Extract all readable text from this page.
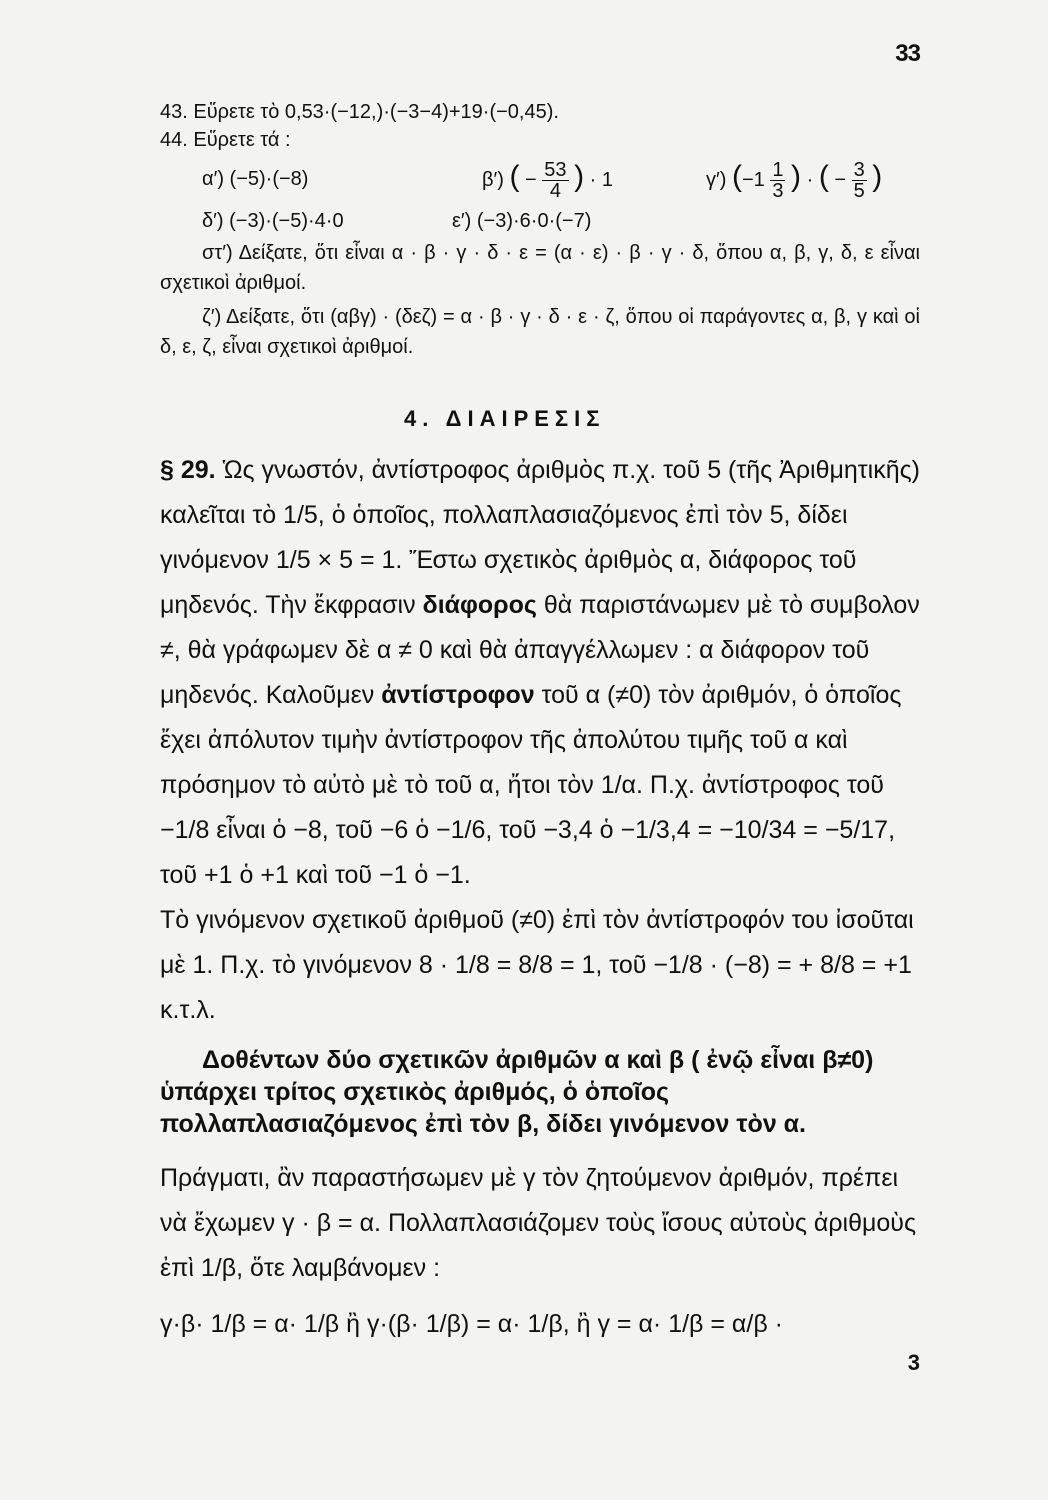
33
43. Εὕρετε τὸ 0,53·(−12,)·(−3−4)+19·(−0,45).
44. Εὕρετε τά :
α′) (−5)·(−8)	β′) ( − $\frac{53}{4}$ ) · 1	γ′) ($-1 \frac{1}{3}$ ) · ( − $\frac{3}{5}$ )
δ′) (−3)·(−5)·4·0	ε′) (−3)·6·0·(−7)

στ′) Δείξατε, ὅτι εἶναι α · β · γ · δ · ε = (α · ε) · β · γ · δ, ὅπου α, β, γ, δ, ε εἶναι σχετικοὶ ἀριθμοί.

ζ′) Δείξατε, ὅτι (αβγ) · (δεζ) = α · β · γ · δ · ε · ζ, ὅπου οἱ παράγοντες α, β, γ καὶ οἱ δ, ε, ζ, εἶναι σχετικοὶ ἀριθμοί.

4. ΔΙΑΙΡΕΣΙΣ

§ 29. Ὡς γνωστόν, ἀντίστροφος ἀριθμὸς π.χ. τοῦ 5 (τῆς Ἀριθμητικῆς) καλεῖται τὸ 1/5, ὁ ὁποῖος, πολλαπλασιαζόμενος ἐπὶ τὸν 5, δίδει γινόμενον 1/5 × 5 = 1. Ἔστω σχετικὸς ἀριθμὸς α, διάφορος τοῦ μηδενός. Τὴν ἔκφρασιν διάφορος θὰ παριστάνωμεν μὲ τὸ συμβολον ≠, θὰ γράφωμεν δὲ α ≠ 0 καὶ θὰ ἀπαγγέλλωμεν : α διάφορον τοῦ μηδενός. Καλοῦμεν ἀντίστροφον τοῦ α (≠0) τὸν ἀριθμόν, ὁ ὁποῖος ἔχει ἀπόλυτον τιμὴν ἀντίστροφον τῆς ἀπολύτου τιμῆς τοῦ α καὶ πρόσημον τὸ αὐτὸ μὲ τὸ τοῦ α, ἤτοι τὸν 1/α. Π.χ. ἀντίστροφος τοῦ −1/8 εἶναι ὁ −8, τοῦ −6 ὁ −1/6, τοῦ −3,4 ὁ −1/3,4 = −10/34 = −5/17, τοῦ +1 ὁ +1 καὶ τοῦ −1 ὁ −1.

Τὸ γινόμενον σχετικοῦ ἀριθμοῦ (≠0) ἐπὶ τὸν ἀντίστροφόν του ἰσοῦται μὲ 1. Π.χ. τὸ γινόμενον 8 · 1/8 = 8/8 = 1, τοῦ −1/8 · (−8) = + 8/8 = +1 κ.τ.λ.

Δοθέντων δύο σχετικῶν ἀριθμῶν α καὶ β ( ἐνῷ εἶναι β≠0) ὑπάρχει τρίτος σχετικὸς ἀριθμός, ὁ ὁποῖος πολλαπλασιαζόμενος ἐπὶ τὸν β, δίδει γινόμενον τὸν α.

Πράγματι, ἂν παραστήσωμεν μὲ γ τὸν ζητούμενον ἀριθμόν, πρέπει νὰ ἔχωμεν γ · β = α. Πολλαπλασιάζομεν τοὺς ἴσους αὐτοὺς ἀριθμοὺς ἐπὶ 1/β, ὅτε λαμβάνομεν :

γ·β· 1/β = α· 1/β ἢ γ·(β· 1/β) = α· 1/β, ἢ γ = α· 1/β = α/β ·
3
